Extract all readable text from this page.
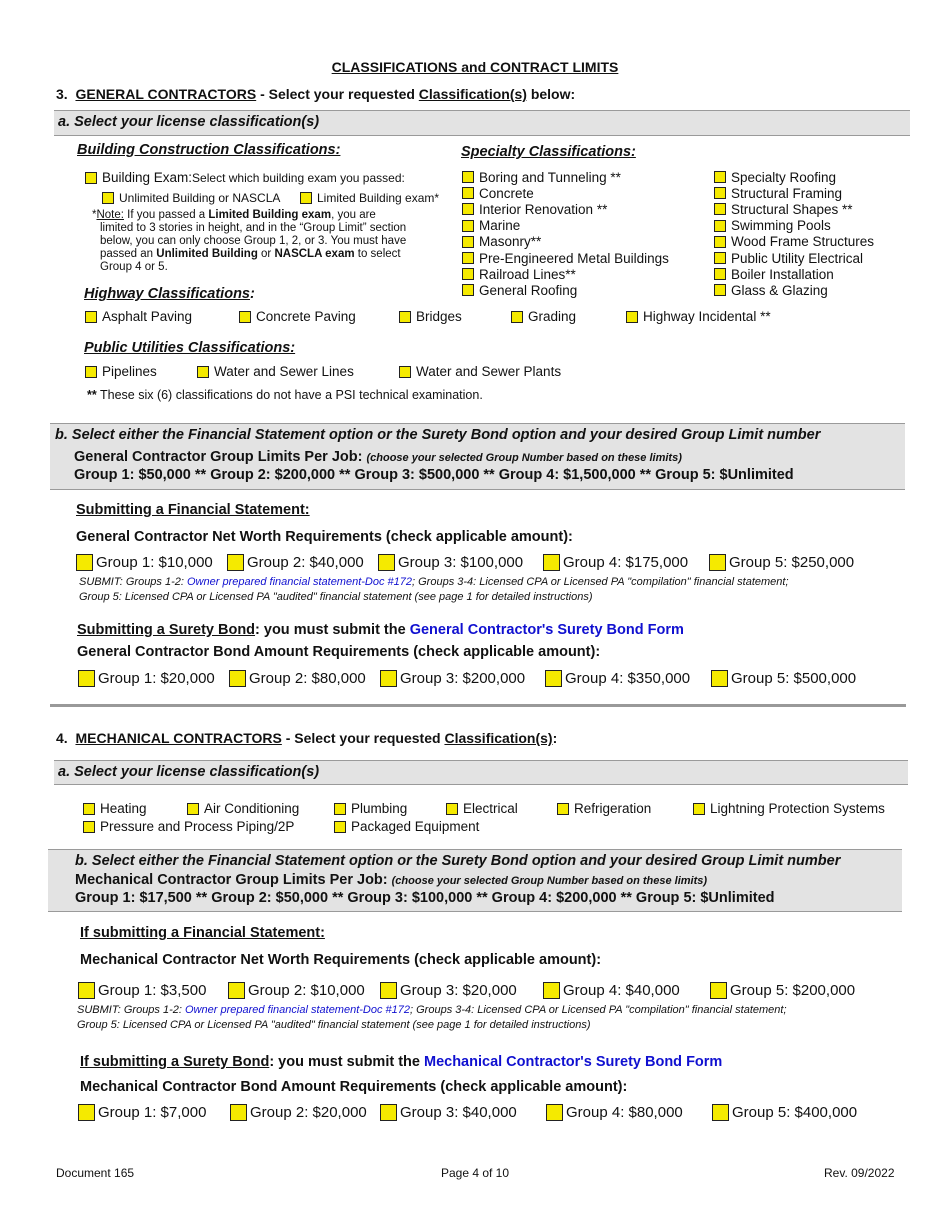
CLASSIFICATIONS and CONTRACT LIMITS
3. GENERAL CONTRACTORS - Select your requested Classification(s) below:
a. Select your license classification(s)
Building Construction Classifications:
Building Exam: Select which building exam you passed:
Unlimited Building or NASCLA	Limited Building exam*
*Note: If you passed a Limited Building exam, you are
limited to 3 stories in height, and in the “Group Limit” section
below, you can only choose Group 1, 2, or 3. You must have
passed an Unlimited Building or NASCLA exam to select
Group 4 or 5.
Specialty Classifications:
Boring and Tunneling **
Concrete
Interior Renovation **
Marine
Masonry**
Pre-Engineered Metal Buildings
Railroad Lines**
General Roofing
Specialty Roofing
Structural Framing
Structural Shapes **
Swimming Pools
Wood Frame Structures
Public Utility Electrical
Boiler Installation
Glass & Glazing
Highway Classifications:
Asphalt Paving	Concrete Paving	Bridges	Grading	Highway Incidental **
Public Utilities Classifications:
Pipelines	Water and Sewer Lines	Water and Sewer Plants
** These six (6) classifications do not have a PSI technical examination.
b. Select either the Financial Statement option or the Surety Bond option and your desired Group Limit number
General Contractor Group Limits Per Job: (choose your selected Group Number based on these limits)
Group 1: $50,000 ** Group 2: $200,000 ** Group 3: $500,000 ** Group 4: $1,500,000 ** Group 5: $Unlimited
Submitting a Financial Statement:
General Contractor Net Worth Requirements (check applicable amount):
Group 1: $10,000 Group 2: $40,000 Group 3: $100,000	Group 4: $175,000	Group 5: $250,000
SUBMIT: Groups 1-2: Owner prepared financial statement-Doc #172; Groups 3-4: Licensed CPA or Licensed PA "compilation" financial statement;
Group 5: Licensed CPA or Licensed PA "audited" financial statement (see page 1 for detailed instructions)
Submitting a Surety Bond: you must submit the General Contractor's Surety Bond Form
General Contractor Bond Amount Requirements (check applicable amount):
Group 1: $20,000 Group 2: $80,000 Group 3: $200,000	Group 4: $350,000	Group 5: $500,000
4. MECHANICAL CONTRACTORS - Select your requested Classification(s):
a. Select your license classification(s)
Heating	Air Conditioning	Plumbing	Electrical	Refrigeration	Lightning Protection Systems
Pressure and Process Piping/2P	Packaged Equipment
b. Select either the Financial Statement option or the Surety Bond option and your desired Group Limit number
Mechanical Contractor Group Limits Per Job: (choose your selected Group Number based on these limits)
Group 1: $17,500 ** Group 2: $50,000 ** Group 3: $100,000 ** Group 4: $200,000 ** Group 5: $Unlimited
If submitting a Financial Statement:
Mechanical Contractor Net Worth Requirements (check applicable amount):
Group 1: $3,500	Group 2: $10,000 Group 3: $20,000	Group 4: $40,000	Group 5: $200,000
SUBMIT: Groups 1-2: Owner prepared financial statement-Doc #172; Groups 3-4: Licensed CPA or Licensed PA "compilation" financial statement;
Group 5: Licensed CPA or Licensed PA "audited" financial statement (see page 1 for detailed instructions)
If submitting a Surety Bond: you must submit the Mechanical Contractor's Surety Bond Form
Mechanical Contractor Bond Amount Requirements (check applicable amount):
Group 1: $7,000	Group 2: $20,000 Group 3: $40,000	Group 4: $80,000	Group 5: $400,000
Document 165	Page 4 of 10	Rev. 09/2022
